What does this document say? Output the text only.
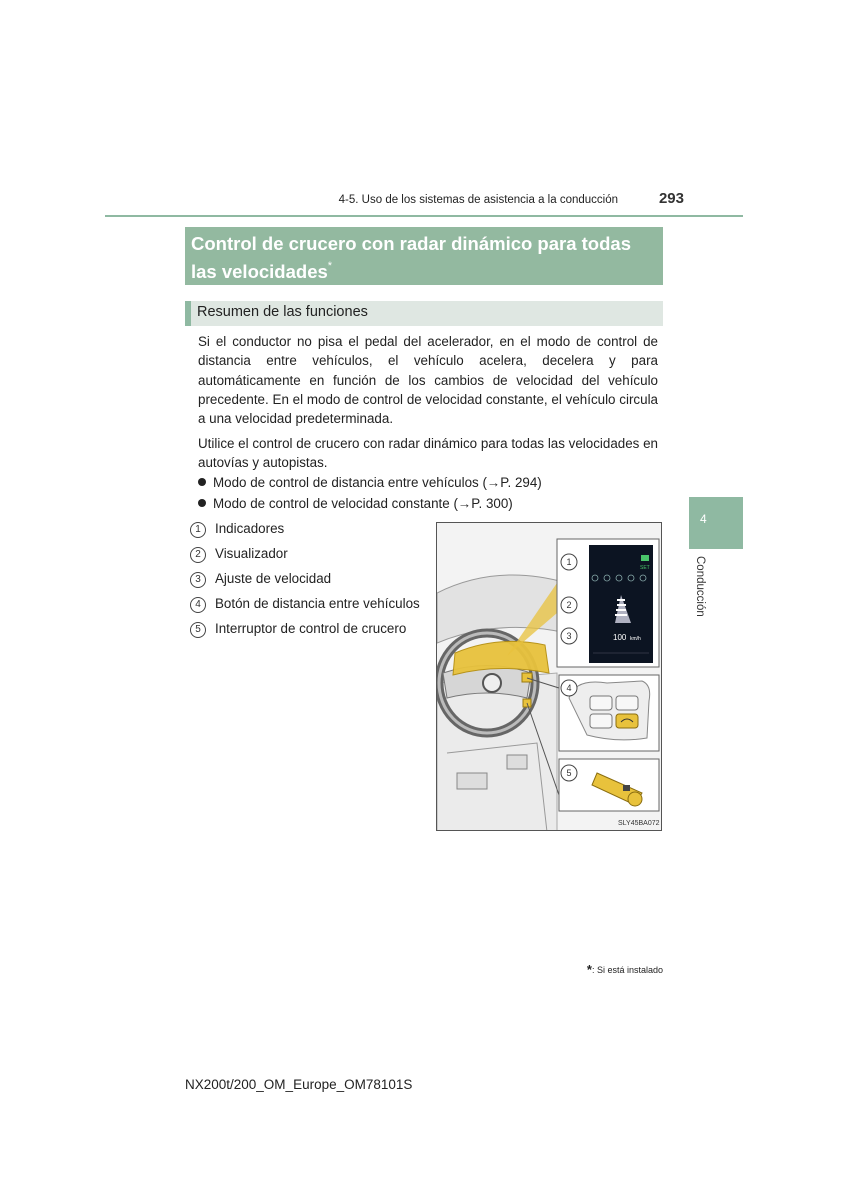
4-5. Uso de los sistemas de asistencia a la conducción	293
Control de crucero con radar dinámico para todas las velocidades*
Resumen de las funciones
Si el conductor no pisa el pedal del acelerador, en el modo de control de distancia entre vehículos, el vehículo acelera, decelera y para automáticamente en función de los cambios de velocidad del vehículo precedente. En el modo de control de velocidad constante, el vehículo circula a una velocidad predeterminada.
Utilice el control de crucero con radar dinámico para todas las velocidades en autovías y autopistas.
Modo de control de distancia entre vehículos (→P. 294)
Modo de control de velocidad constante (→P. 300)
1 Indicadores
2 Visualizador
3 Ajuste de velocidad
4 Botón de distancia entre vehículos
5 Interruptor de control de crucero
SET
100 km/h
1
2
3
4
5
SLY45BA072
4
Conducción
*: Si está instalado
NX200t/200_OM_Europe_OM78101S
